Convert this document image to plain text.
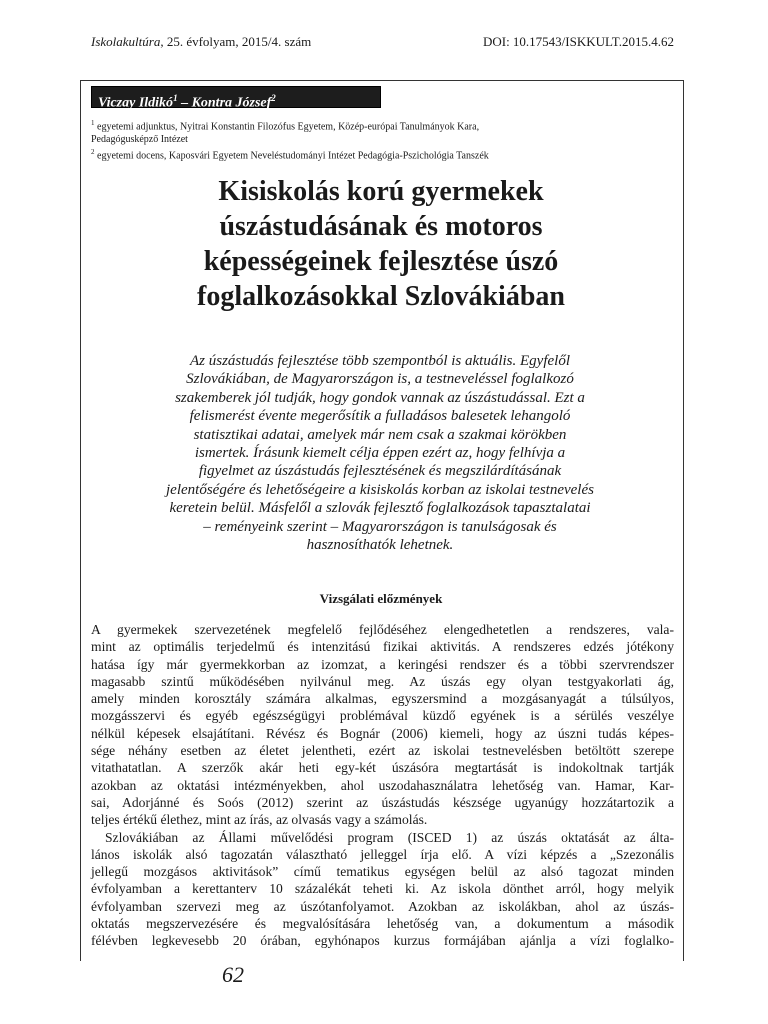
Iskolakultúra, 25. évfolyam, 2015/4. szám	DOI: 10.17543/ISKKULT.2015.4.62
Viczay Ildikó$^1$ – Kontra József$^2$

$^1$ egyetemi adjunktus, Nyitrai Konstantin Filozófus Egyetem, Közép-európai Tanulmányok Kara,

Pedagógusképző Intézet

$^2$ egyetemi docens, Kaposvári Egyetem Neveléstudományi Intézet Pedagógia-Pszichológia Tanszék

Kisiskolás korú gyermekek
úszástudásának és motoros
képességeinek fejlesztése úszó
foglalkozásokkal Szlovákiában
Az úszástudás fejlesztése több szempontból is aktuális. Egyfelől
Szlovákiában, de Magyarországon is, a testneveléssel foglalkozó
szakemberek jól tudják, hogy gondok vannak az úszástudással. Ezt a
felismerést évente megerősítik a fulladásos balesetek lehangoló
statisztikai adatai, amelyek már nem csak a szakmai körökben
ismertek. Írásunk kiemelt célja éppen ezért az, hogy felhívja a
figyelmet az úszástudás fejlesztésének és megszilárdításának
jelentőségére és lehetőségeire a kisiskolás korban az iskolai testnevelés
keretein belül. Másfelől a szlovák fejlesztő foglalkozások tapasztalatai
– reményeink szerint – Magyarországon is tanulságosak és
hasznosíthatók lehetnek.
Vizsgálati előzmények
A gyermekek szervezetének megfelelő fejlődéséhez elengedhetetlen a rendszeres, vala-
mint az optimális terjedelmű és intenzitású fizikai aktivitás. A rendszeres edzés jótékony
hatása így már gyermekkorban az izomzat, a keringési rendszer és a többi szervrendszer
magasabb szintű működésében nyilvánul meg. Az úszás egy olyan testgyakorlati ág,
amely minden korosztály számára alkalmas, egyszersmind a mozgásanyagát a túlsúlyos,
mozgásszervi és egyéb egészségügyi problémával küzdő egyének is a sérülés veszélye
nélkül képesek elsajátítani. Révész és Bognár (2006) kiemeli, hogy az úszni tudás képes-
sége néhány esetben az életet jelentheti, ezért az iskolai testnevelésben betöltött szerepe
vitathatatlan. A szerzők akár heti egy-két úszásóra megtartását is indokoltnak tartják
azokban az oktatási intézményekben, ahol uszodahasználatra lehetőség van. Hamar, Kar-
sai, Adorjánné és Soós (2012) szerint az úszástudás készsége ugyanúgy hozzátartozik a
teljes értékű élethez, mint az írás, az olvasás vagy a számolás.
Szlovákiában az Állami művelődési program (ISCED 1) az úszás oktatását az álta-
lános iskolák alsó tagozatán választható jelleggel írja elő. A vízi képzés a „Szezonális
jellegű mozgásos aktivitások” című tematikus egységen belül az alsó tagozat minden
évfolyamban a kerettanterv 10 százalékát teheti ki. Az iskola dönthet arról, hogy melyik
évfolyamban szervezi meg az úszótanfolyamot. Azokban az iskolákban, ahol az úszás-
oktatás megszervezésére és megvalósítására lehetőség van, a dokumentum a második
félévben legkevesebb 20 órában, egyhónapos kurzus formájában ajánlja a vízi foglalko-
62
